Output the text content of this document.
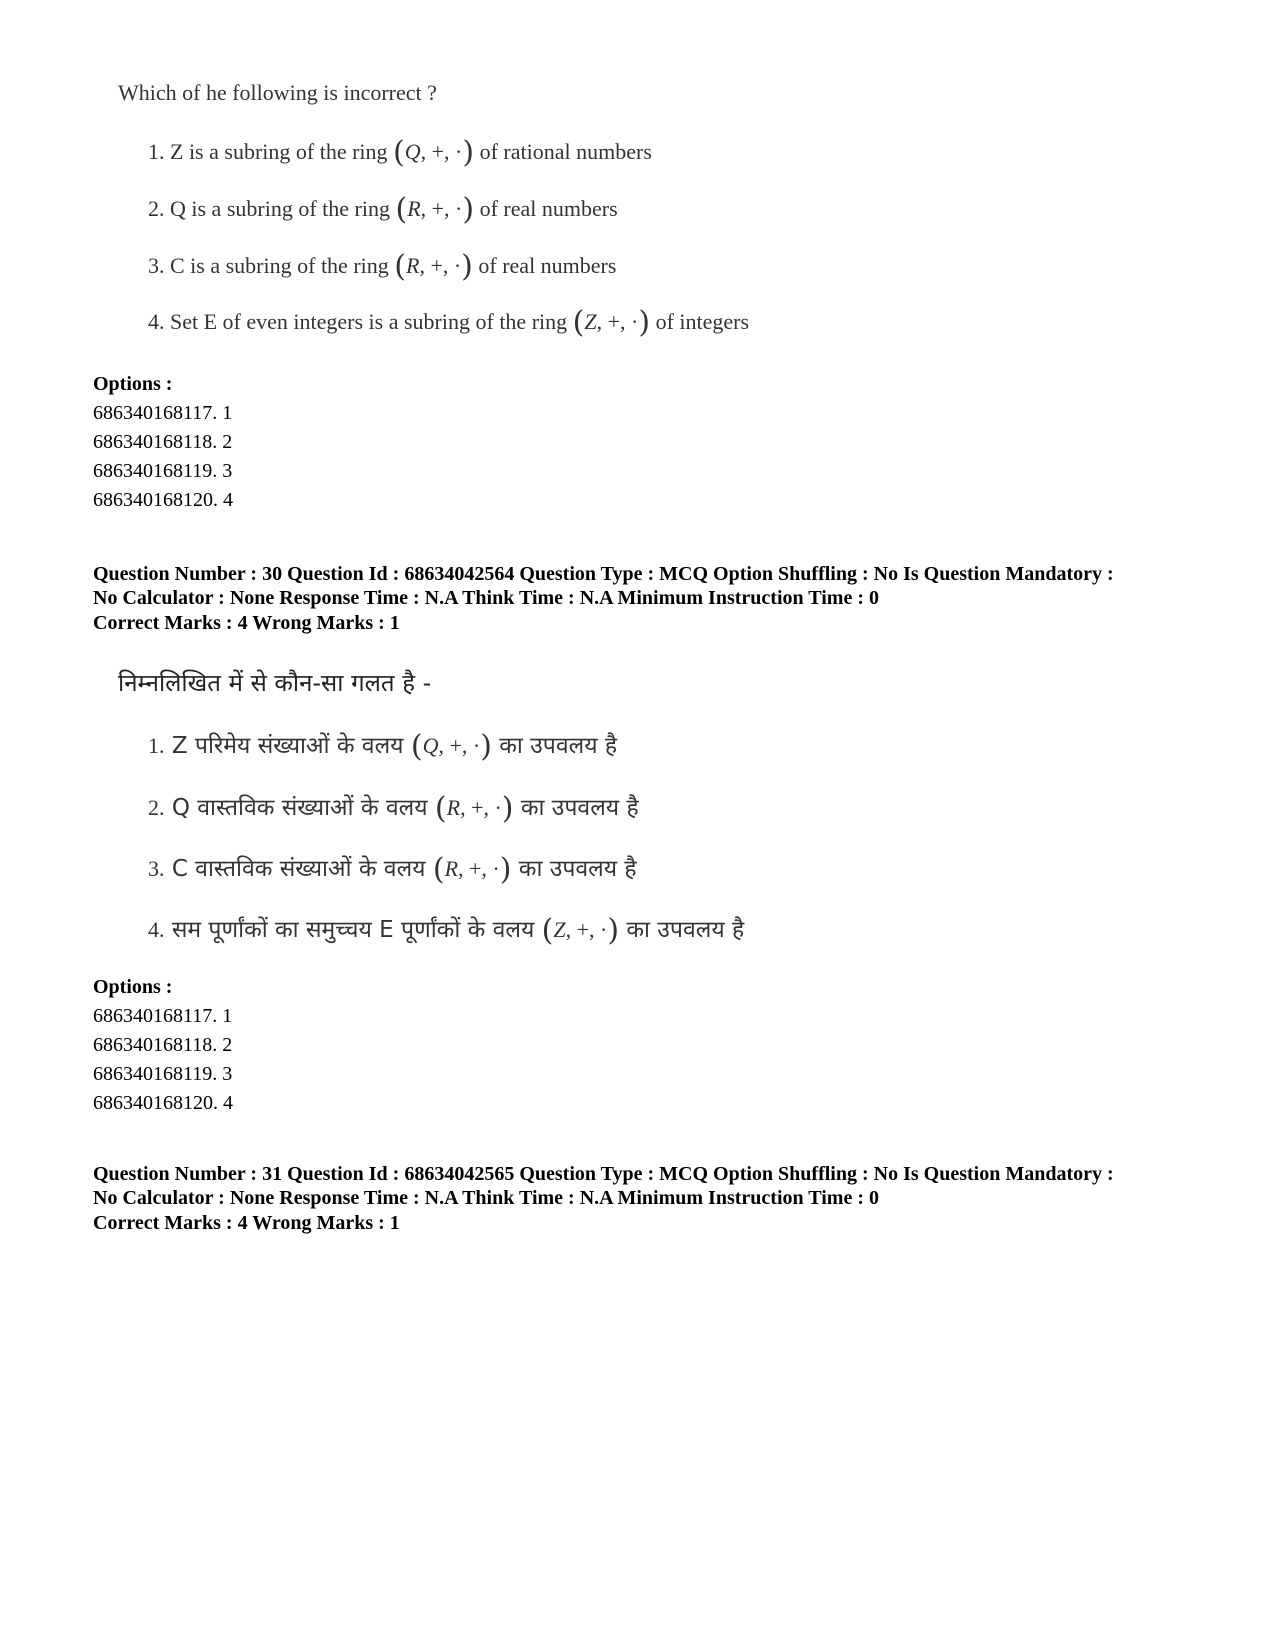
Which of he following is incorrect ?
1. Z is a subring of the ring (Q, +, ·) of rational numbers
2. Q is a subring of the ring (R, +, ·) of real numbers
3. C is a subring of the ring (R, +, ·) of real numbers
4. Set E of even integers is a subring of the ring (Z, +, ·) of integers
Options :
686340168117. 1
686340168118. 2
686340168119. 3
686340168120. 4
Question Number : 30 Question Id : 68634042564 Question Type : MCQ Option Shuffling : No Is Question Mandatory :
No Calculator : None Response Time : N.A Think Time : N.A Minimum Instruction Time : 0
Correct Marks : 4 Wrong Marks : 1
निम्नलिखित में से कौन-सा गलत है -
1. Z परिमेय संख्याओं के वलय (Q, +, ·) का उपवलय है
2. Q वास्तविक संख्याओं के वलय (R, +, ·) का उपवलय है
3. C वास्तविक संख्याओं के वलय (R, +, ·) का उपवलय है
4. सम पूर्णांकों का समुच्चय E पूर्णांकों के वलय (Z, +, ·) का उपवलय है
Options :
686340168117. 1
686340168118. 2
686340168119. 3
686340168120. 4
Question Number : 31 Question Id : 68634042565 Question Type : MCQ Option Shuffling : No Is Question Mandatory :
No Calculator : None Response Time : N.A Think Time : N.A Minimum Instruction Time : 0
Correct Marks : 4 Wrong Marks : 1
